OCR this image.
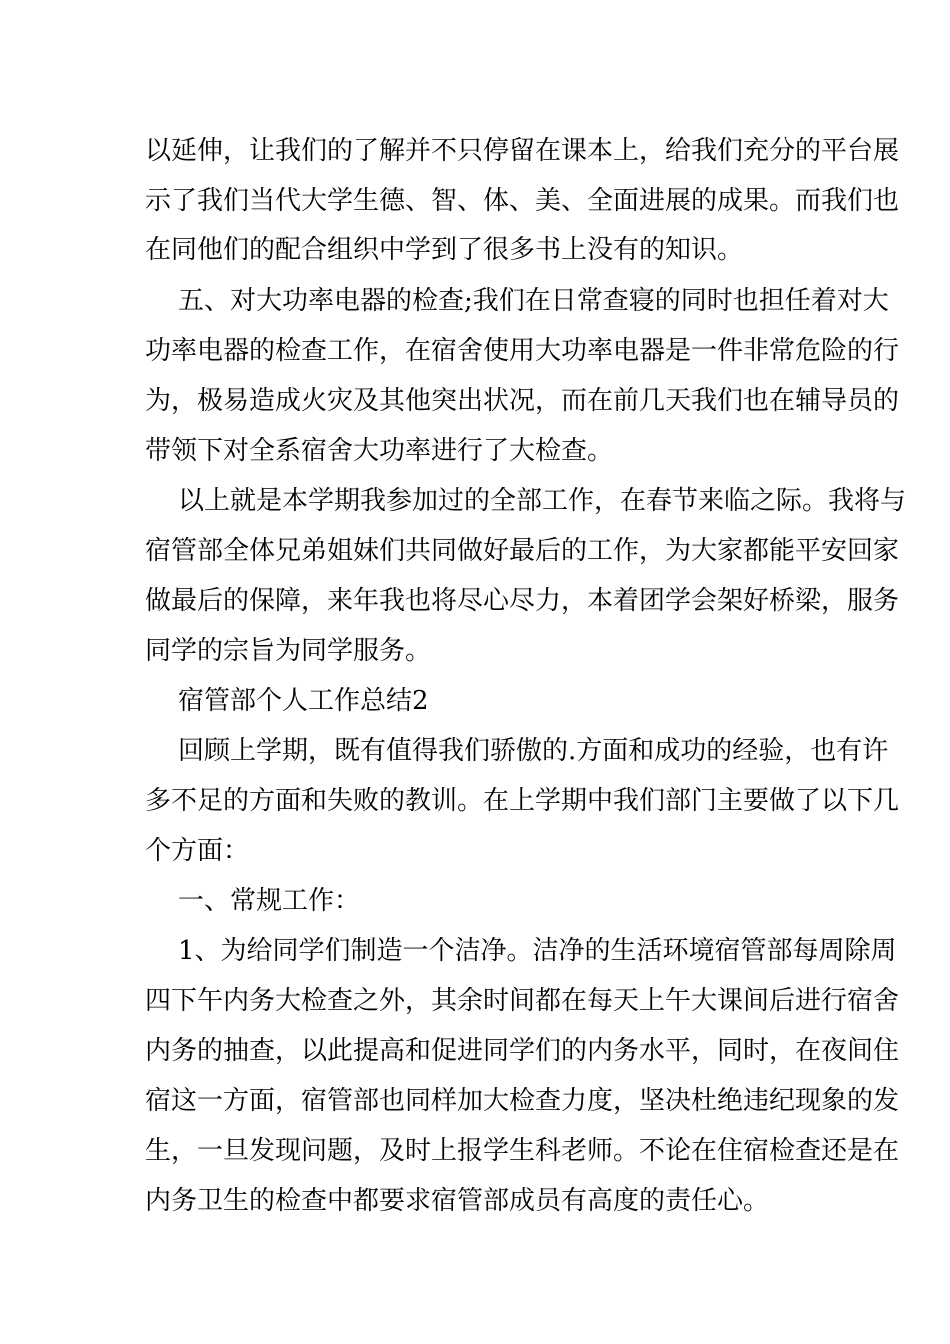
以延伸，让我们的了解并不只停留在课本上，给我们充分的平台展

示了我们当代大学生德、智、体、美、全面进展的成果。而我们也

在同他们的配合组织中学到了很多书上没有的知识。

五、对大功率电器的检查;我们在日常查寝的同时也担任着对大

功率电器的检查工作，在宿舍使用大功率电器是一件非常危险的行

为，极易造成火灾及其他突出状况，而在前几天我们也在辅导员的

带领下对全系宿舍大功率进行了大检查。

以上就是本学期我参加过的全部工作，在春节来临之际。我将与

宿管部全体兄弟姐妹们共同做好最后的工作，为大家都能平安回家

做最后的保障，来年我也将尽心尽力，本着团学会架好桥梁，服务

同学的宗旨为同学服务。

宿管部个人工作总结2

回顾上学期，既有值得我们骄傲的.方面和成功的经验，也有许

多不足的方面和失败的教训。在上学期中我们部门主要做了以下几

个方面：

一、常规工作：

1、为给同学们制造一个洁净。洁净的生活环境宿管部每周除周

四下午内务大检查之外，其余时间都在每天上午大课间后进行宿舍

内务的抽查，以此提高和促进同学们的内务水平，同时，在夜间住

宿这一方面，宿管部也同样加大检查力度，坚决杜绝违纪现象的发

生，一旦发现问题，及时上报学生科老师。不论在住宿检查还是在

内务卫生的检查中都要求宿管部成员有高度的责任心。
